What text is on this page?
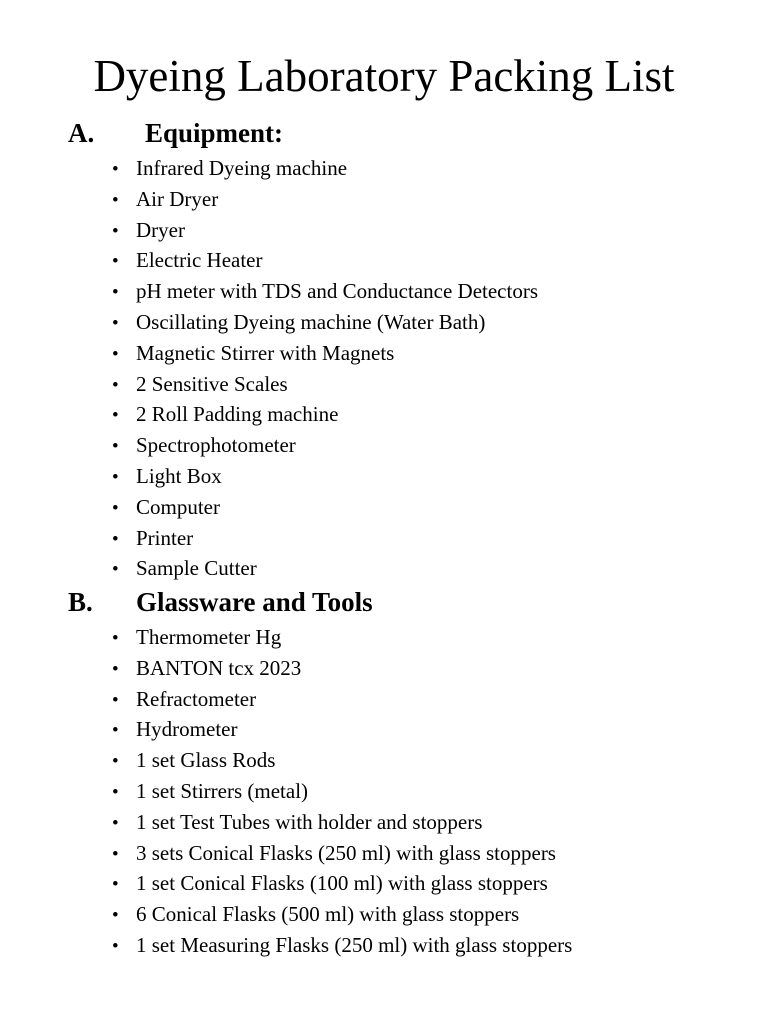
Dyeing Laboratory Packing List
A. Equipment:
• Infrared Dyeing machine
• Air Dryer
• Dryer
• Electric Heater
• pH meter with TDS and Conductance Detectors
• Oscillating Dyeing machine (Water Bath)
• Magnetic Stirrer with Magnets
• 2 Sensitive Scales
• 2 Roll Padding machine
• Spectrophotometer
• Light Box
• Computer
• Printer
• Sample Cutter
B. Glassware and Tools
• Thermometer Hg
• BANTON tcx 2023
• Refractometer
• Hydrometer
• 1 set Glass Rods
• 1 set Stirrers (metal)
• 1 set Test Tubes with holder and stoppers
• 3 sets Conical Flasks (250 ml) with glass stoppers
• 1 set Conical Flasks (100 ml) with glass stoppers
• 6 Conical Flasks (500 ml) with glass stoppers
• 1 set Measuring Flasks (250 ml) with glass stoppers
